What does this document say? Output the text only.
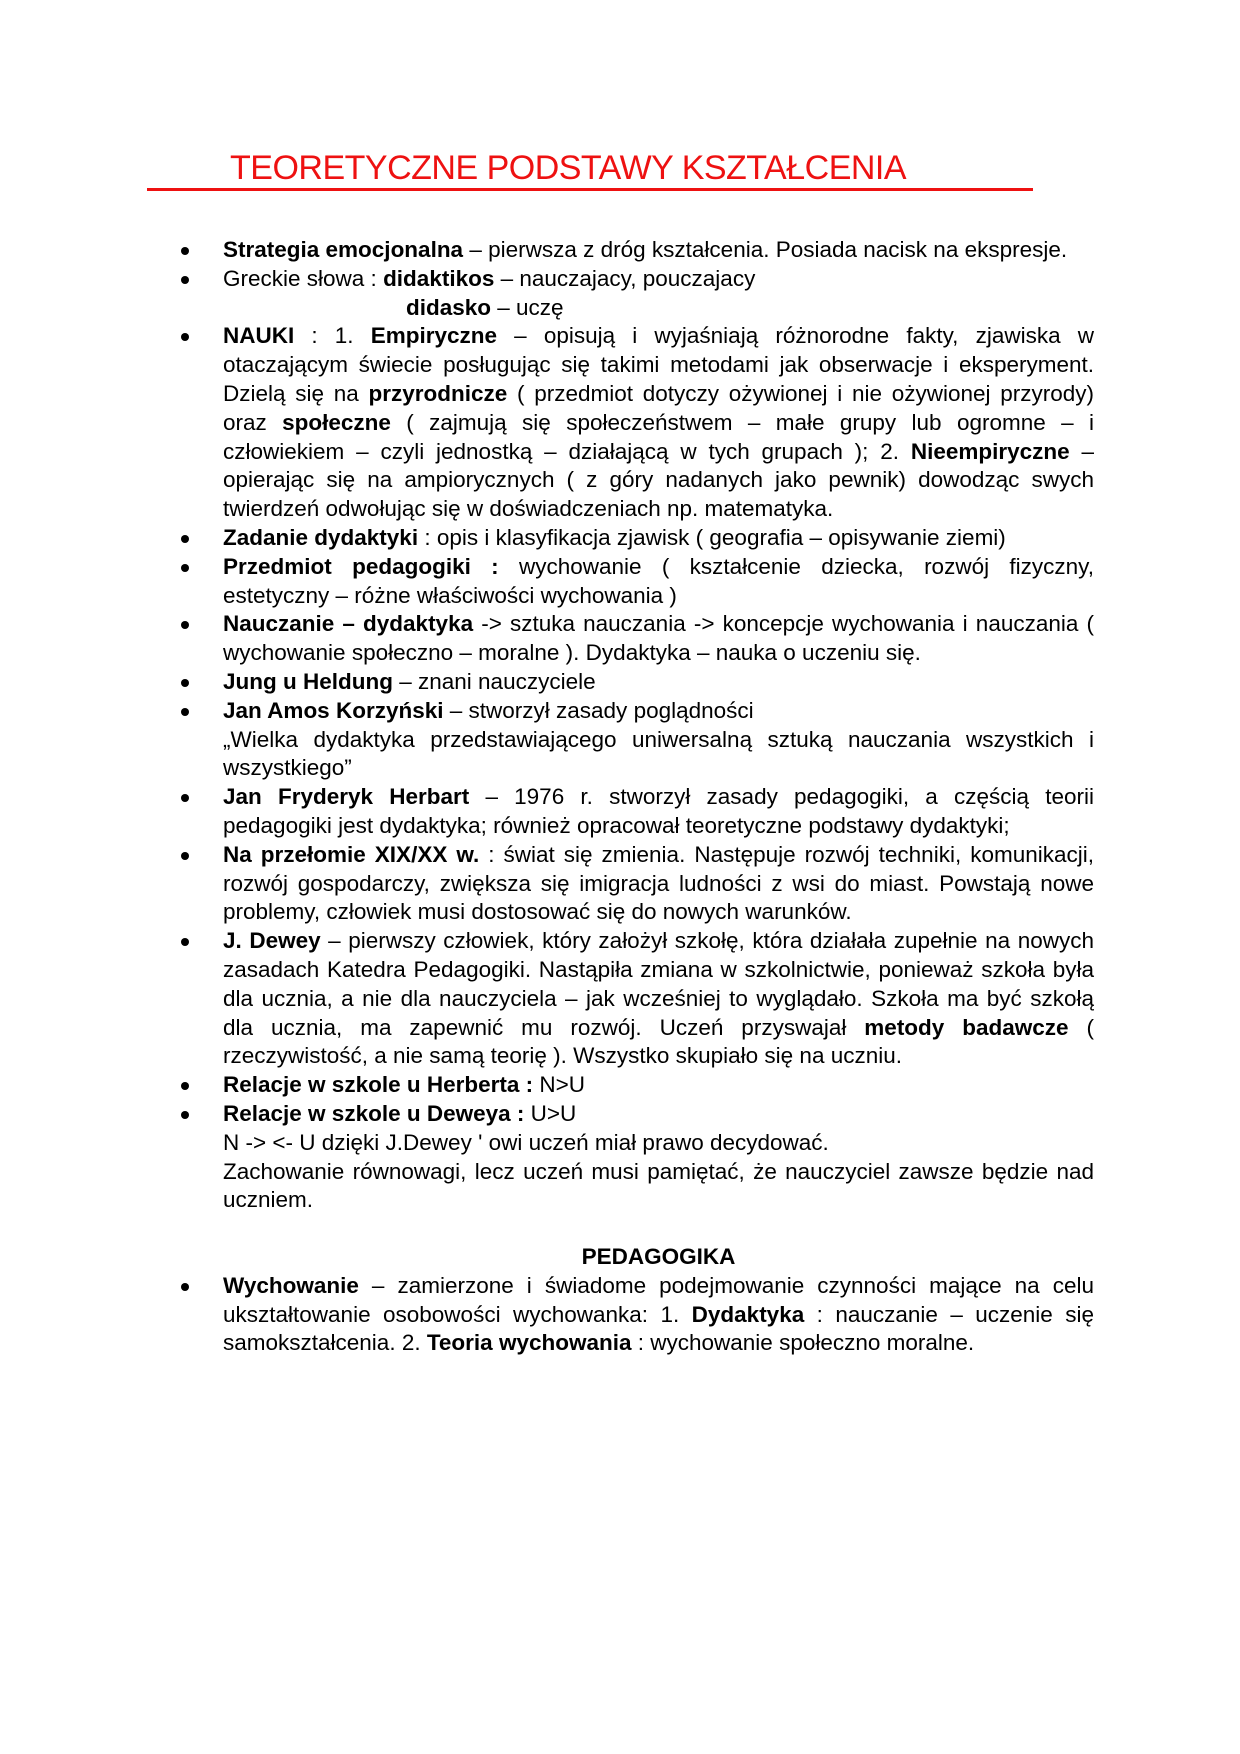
TEORETYCZNE PODSTAWY KSZTAŁCENIA
Strategia emocjonalna – pierwsza z dróg kształcenia. Posiada nacisk na ekspresje.
Greckie słowa : didaktikos – nauczajacy, pouczajacy
didasko – uczę
NAUKI : 1. Empiryczne – opisują i wyjaśniają różnorodne fakty, zjawiska w otaczającym świecie posługując się takimi metodami jak obserwacje i eksperyment. Dzielą się na przyrodnicze ( przedmiot dotyczy ożywionej i nie ożywionej przyrody) oraz społeczne ( zajmują się społeczeństwem – małe grupy lub ogromne – i człowiekiem – czyli jednostką – działającą w tych grupach ); 2. Nieempiryczne – opierając się na ampiorycznych ( z góry nadanych jako pewnik) dowodząc swych twierdzeń odwołując się w doświadczeniach np. matematyka.
Zadanie dydaktyki : opis i klasyfikacja zjawisk ( geografia – opisywanie ziemi)
Przedmiot pedagogiki : wychowanie ( kształcenie dziecka, rozwój fizyczny, estetyczny – różne właściwości wychowania )
Nauczanie – dydaktyka -> sztuka nauczania -> koncepcje wychowania i nauczania ( wychowanie społeczno – moralne ). Dydaktyka – nauka o uczeniu się.
Jung u Heldung – znani nauczyciele
Jan Amos Korzyński – stworzył zasady poglądności
„Wielka dydaktyka przedstawiającego uniwersalną sztuką nauczania wszystkich i wszystkiego”
Jan Fryderyk Herbart – 1976 r. stworzył zasady pedagogiki, a częścią teorii pedagogiki jest dydaktyka; również opracował teoretyczne podstawy dydaktyki;
Na przełomie XIX/XX w. : świat się zmienia. Następuje rozwój techniki, komunikacji, rozwój gospodarczy, zwiększa się imigracja ludności z wsi do miast. Powstają nowe problemy, człowiek musi dostosować się do nowych warunków.
J. Dewey – pierwszy człowiek, który założył szkołę, która działała zupełnie na nowych zasadach Katedra Pedagogiki. Nastąpiła zmiana w szkolnictwie, ponieważ szkoła była dla ucznia, a nie dla nauczyciela – jak wcześniej to wyglądało. Szkoła ma być szkołą dla ucznia, ma zapewnić mu rozwój. Uczeń przyswajał metody badawcze ( rzeczywistość, a nie samą teorię ). Wszystko skupiało się na uczniu.
Relacje w szkole u Herberta : N>U
Relacje w szkole u Deweya : U>U
N -> <- U dzięki J.Dewey ' owi uczeń miał prawo decydować.
Zachowanie równowagi, lecz uczeń musi pamiętać, że nauczyciel zawsze będzie nad uczniem.
PEDAGOGIKA
Wychowanie – zamierzone i świadome podejmowanie czynności mające na celu ukształtowanie osobowości wychowanka: 1. Dydaktyka : nauczanie – uczenie się samokształcenia. 2. Teoria wychowania : wychowanie społeczno moralne.
